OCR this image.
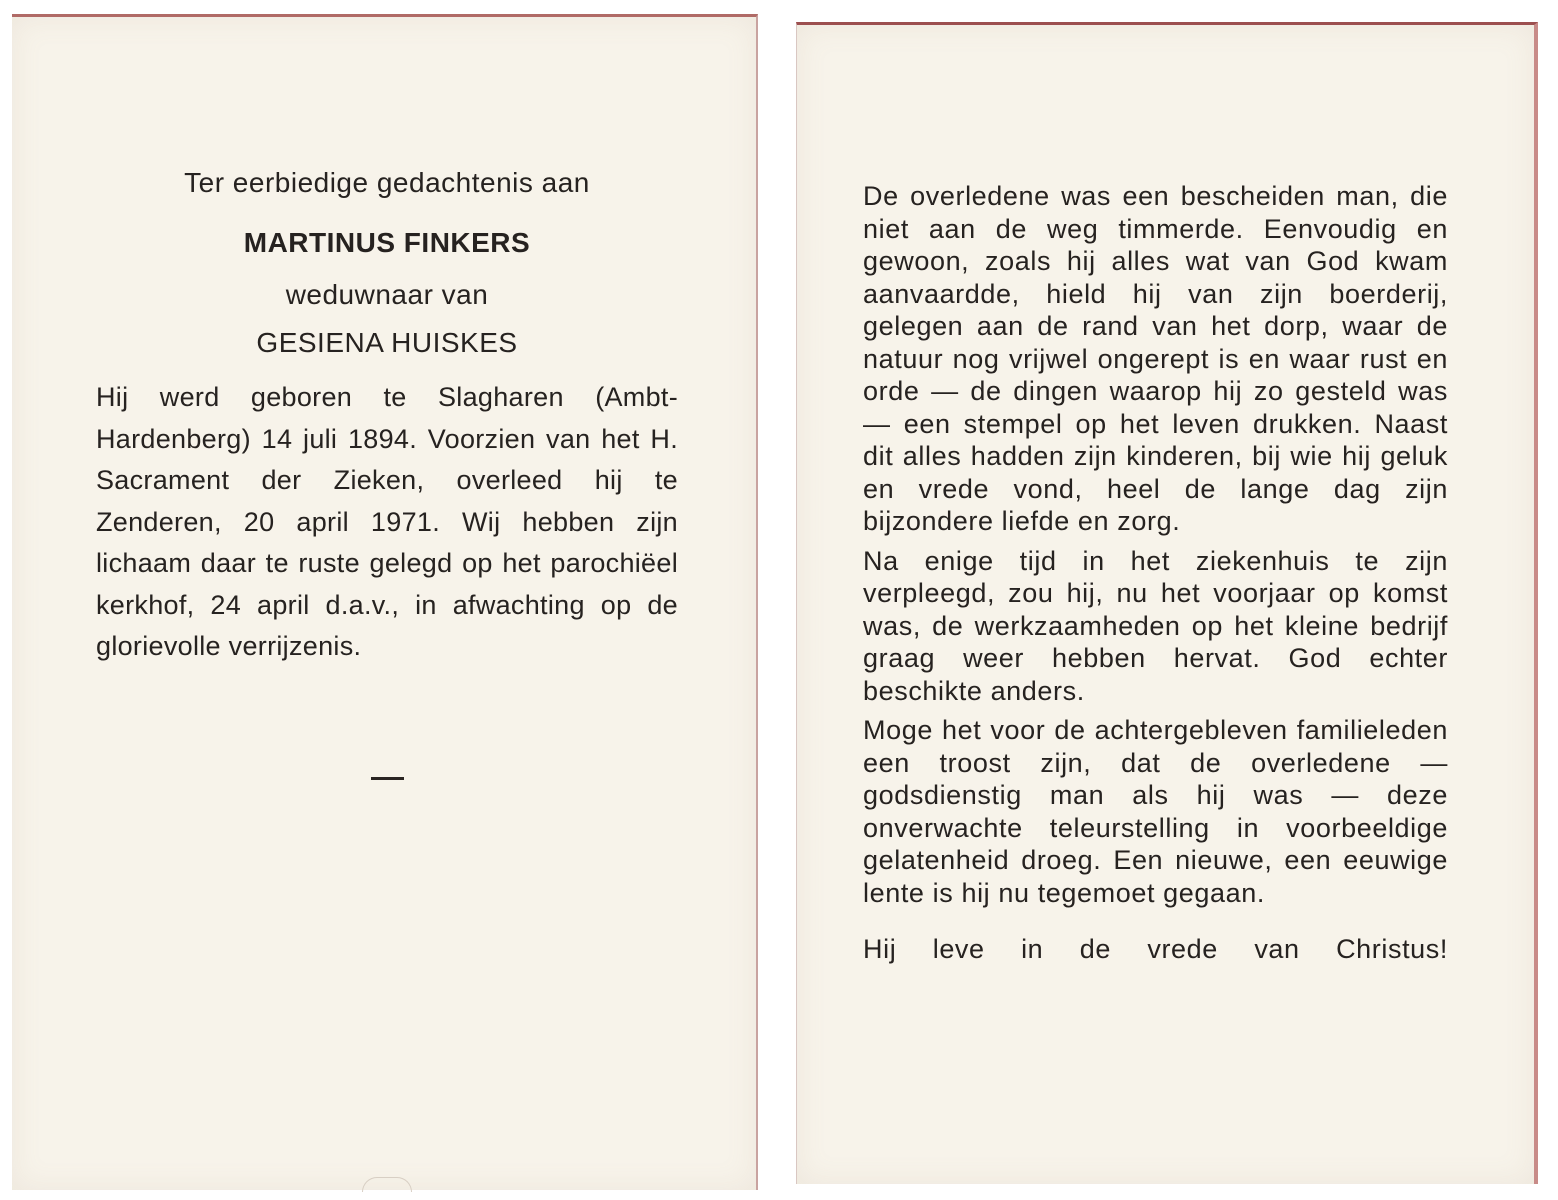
Ter eerbiedige gedachtenis aan

MARTINUS FINKERS

weduwnaar van

GESIENA HUISKES

Hij werd geboren te Slagharen (Ambt-Hardenberg) 14 juli 1894. Voorzien van het H. Sacrament der Zieken, overleed hij te Zenderen, 20 april 1971. Wij hebben zijn lichaam daar te ruste gelegd op het parochiëel kerkhof, 24 april d.a.v., in afwachting op de glorievolle verrijzenis.

De overledene was een bescheiden man, die niet aan de weg timmerde. Eenvoudig en gewoon, zoals hij alles wat van God kwam aanvaardde, hield hij van zijn boerderij, gelegen aan de rand van het dorp, waar de natuur nog vrijwel ongerept is en waar rust en orde — de dingen waarop hij zo gesteld was — een stempel op het leven drukken. Naast dit alles hadden zijn kinderen, bij wie hij geluk en vrede vond, heel de lange dag zijn bijzondere liefde en zorg.

Na enige tijd in het ziekenhuis te zijn verpleegd, zou hij, nu het voorjaar op komst was, de werkzaamheden op het kleine bedrijf graag weer hebben hervat. God echter beschikte anders.

Moge het voor de achtergebleven familieleden een troost zijn, dat de overledene — godsdienstig man als hij was — deze onverwachte teleurstelling in voorbeeldige gelatenheid droeg. Een nieuwe, een eeuwige lente is hij nu tegemoet gegaan.

Hij leve in de vrede van Christus!
